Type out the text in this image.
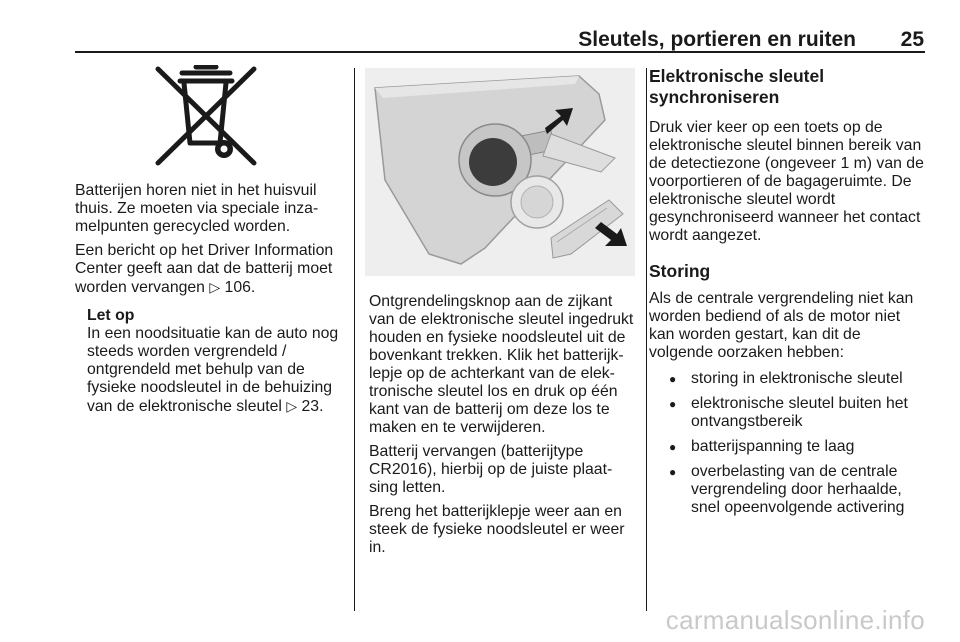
Sleutels, portieren en ruiten 25

Batterijen horen niet in het huisvuil thuis. Ze moeten via speciale inzamelpunten gerecycled worden.

Een bericht op het Driver Information Center geeft aan dat de batterij moet worden vervangen ▷ 106.

Let op
In een noodsituatie kan de auto nog steeds worden vergrendeld / ontgrendeld met behulp van de fysieke noodsleutel in de behuizing van de elektronische sleutel ▷ 23.

Ontgrendelingsknop aan de zijkant van de elektronische sleutel ingedrukt houden en fysieke noodsleutel uit de bovenkant trekken. Klik het batterijklepje op de achterkant van de elektronische sleutel los en druk op één kant van de batterij om deze los te maken en te verwijderen.

Batterij vervangen (batterijtype CR2016), hierbij op de juiste plaatsing letten.

Breng het batterijklepje weer aan en steek de fysieke noodsleutel er weer in.

Elektronische sleutel synchroniseren

Druk vier keer op een toets op de elektronische sleutel binnen bereik van de detectiezone (ongeveer 1 m) van de voorportieren of de bagageruimte. De elektronische sleutel wordt gesynchroniseerd wanneer het contact wordt aangezet.

Storing

Als de centrale vergrendeling niet kan worden bediend of als de motor niet kan worden gestart, kan dit de volgende oorzaken hebben:

● storing in elektronische sleutel
● elektronische sleutel buiten het ontvangstbereik
● batterijspanning te laag
● overbelasting van de centrale vergrendeling door herhaalde, snel opeenvolgende activering
carmanualsonline.info
